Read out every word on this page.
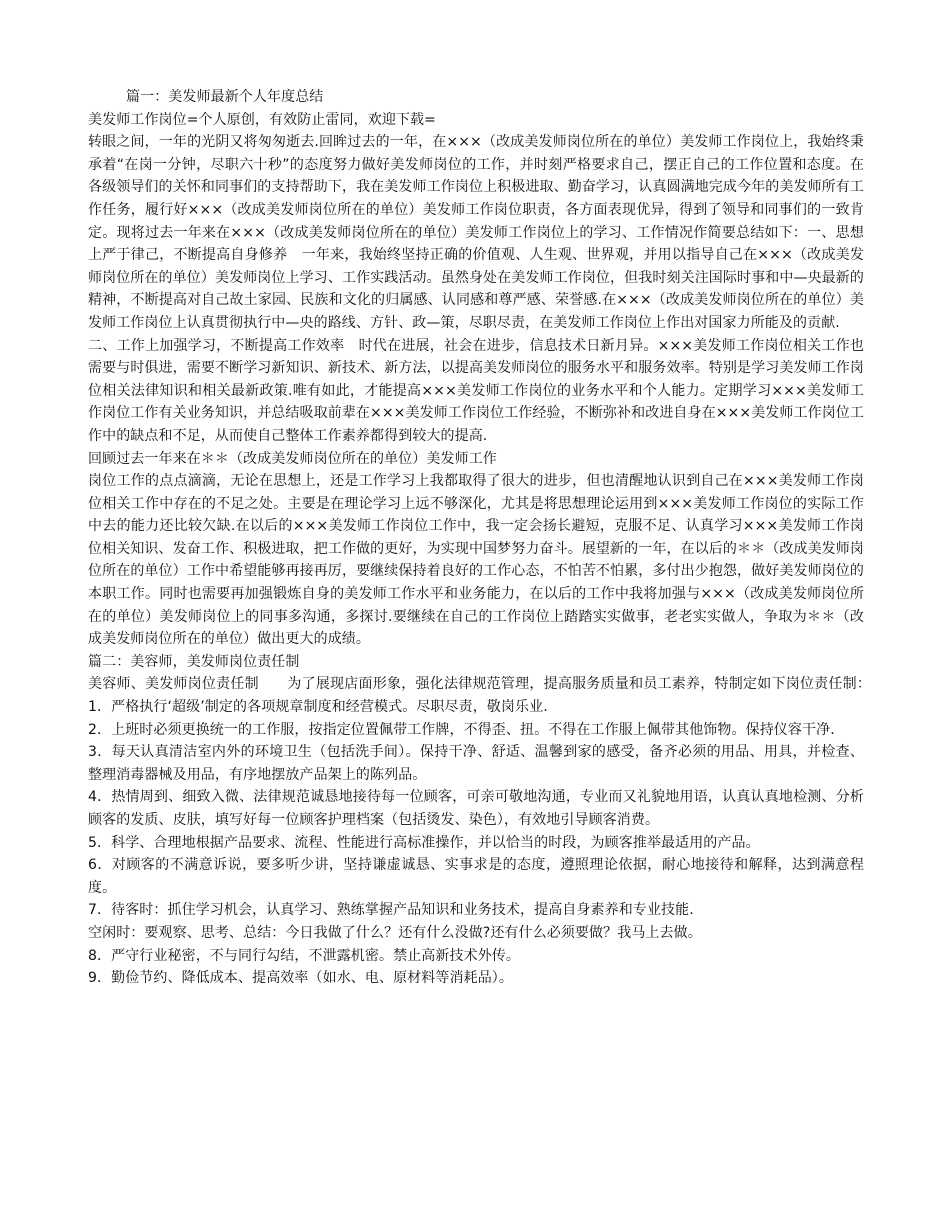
篇一：美发师最新个人年度总结

美发师工作岗位=个人原创，有效防止雷同，欢迎下载=

转眼之间，一年的光阴又将匆匆逝去.回眸过去的一年，在×××（改成美发师岗位所在的单位）美发师工作岗位上，我始终秉承着“在岗一分钟，尽职六十秒”的态度努力做好美发师岗位的工作，并时刻严格要求自己，摆正自己的工作位置和态度。在各级领导们的关怀和同事们的支持帮助下，我在美发师工作岗位上积极进取、勤奋学习，认真圆满地完成今年的美发师所有工作任务，履行好×××（改成美发师岗位所在的单位）美发师工作岗位职责，各方面表现优异，得到了领导和同事们的一致肯定。现将过去一年来在×××（改成美发师岗位所在的单位）美发师工作岗位上的学习、工作情况作简要总结如下：一、思想上严于律己，不断提高自身修养　一年来，我始终坚持正确的价值观、人生观、世界观，并用以指导自己在×××（改成美发师岗位所在的单位）美发师岗位上学习、工作实践活动。虽然身处在美发师工作岗位，但我时刻关注国际时事和中—央最新的精神，不断提高对自己故土家园、民族和文化的归属感、认同感和尊严感、荣誉感.在×××（改成美发师岗位所在的单位）美发师工作岗位上认真贯彻执行中—央的路线、方针、政—策，尽职尽责，在美发师工作岗位上作出对国家力所能及的贡献.

二、工作上加强学习，不断提高工作效率　时代在进展，社会在进步，信息技术日新月异。×××美发师工作岗位相关工作也需要与时俱进，需要不断学习新知识、新技术、新方法，以提高美发师岗位的服务水平和服务效率。特别是学习美发师工作岗位相关法律知识和相关最新政策.唯有如此，才能提高×××美发师工作岗位的业务水平和个人能力。定期学习×××美发师工作岗位工作有关业务知识，并总结吸取前辈在×××美发师工作岗位工作经验，不断弥补和改进自身在×××美发师工作岗位工作中的缺点和不足，从而使自己整体工作素养都得到较大的提高.

回顾过去一年来在＊＊（改成美发师岗位所在的单位）美发师工作

岗位工作的点点滴滴，无论在思想上，还是工作学习上我都取得了很大的进步，但也清醒地认识到自己在×××美发师工作岗位相关工作中存在的不足之处。主要是在理论学习上远不够深化，尤其是将思想理论运用到×××美发师工作岗位的实际工作中去的能力还比较欠缺.在以后的×××美发师工作岗位工作中，我一定会扬长避短，克服不足、认真学习×××美发师工作岗位相关知识、发奋工作、积极进取，把工作做的更好，为实现中国梦努力奋斗。展望新的一年，在以后的＊＊（改成美发师岗位所在的单位）工作中希望能够再接再厉，要继续保持着良好的工作心态，不怕苦不怕累，多付出少抱怨，做好美发师岗位的本职工作。同时也需要再加强锻炼自身的美发师工作水平和业务能力，在以后的工作中我将加强与×××（改成美发师岗位所在的单位）美发师岗位上的同事多沟通，多探讨.要继续在自己的工作岗位上踏踏实实做事，老老实实做人，争取为＊＊（改成美发师岗位所在的单位）做出更大的成绩。

篇二：美容师，美发师岗位责任制

美容师、美发师岗位责任制　　为了展现店面形象，强化法律规范管理，提高服务质量和员工素养，特制定如下岗位责任制：　1．严格执行‘超级’制定的各项规章制度和经营模式。尽职尽责，敬岗乐业.

2．上班时必须更换统一的工作服，按指定位置佩带工作牌，不得歪、扭。不得在工作服上佩带其他饰物。保持仪容干净.

3．每天认真清洁室内外的环境卫生（包括洗手间）。保持干净、舒适、温馨到家的感受，备齐必须的用品、用具，并检查、整理消毒器械及用品，有序地摆放产品架上的陈列品。

4．热情周到、细致入微、法律规范诚恳地接待每一位顾客，可亲可敬地沟通，专业而又礼貌地用语，认真认真地检测、分析顾客的发质、皮肤，填写好每一位顾客护理档案（包括烫发、染色），有效地引导顾客消费。

5．科学、合理地根据产品要求、流程、性能进行高标准操作，并以恰当的时段，为顾客推举最适用的产品。

6．对顾客的不满意诉说，要多听少讲，坚持谦虚诚恳、实事求是的态度，遵照理论依据，耐心地接待和解释，达到满意程度。

7．待客时：抓住学习机会，认真学习、熟练掌握产品知识和业务技术，提高自身素养和专业技能.

空闲时：要观察、思考、总结：今日我做了什么？还有什么没做?还有什么必须要做？我马上去做。

8．严守行业秘密，不与同行勾结，不泄露机密。禁止高新技术外传。

9．勤俭节约、降低成本、提高效率（如水、电、原材料等消耗品）。
